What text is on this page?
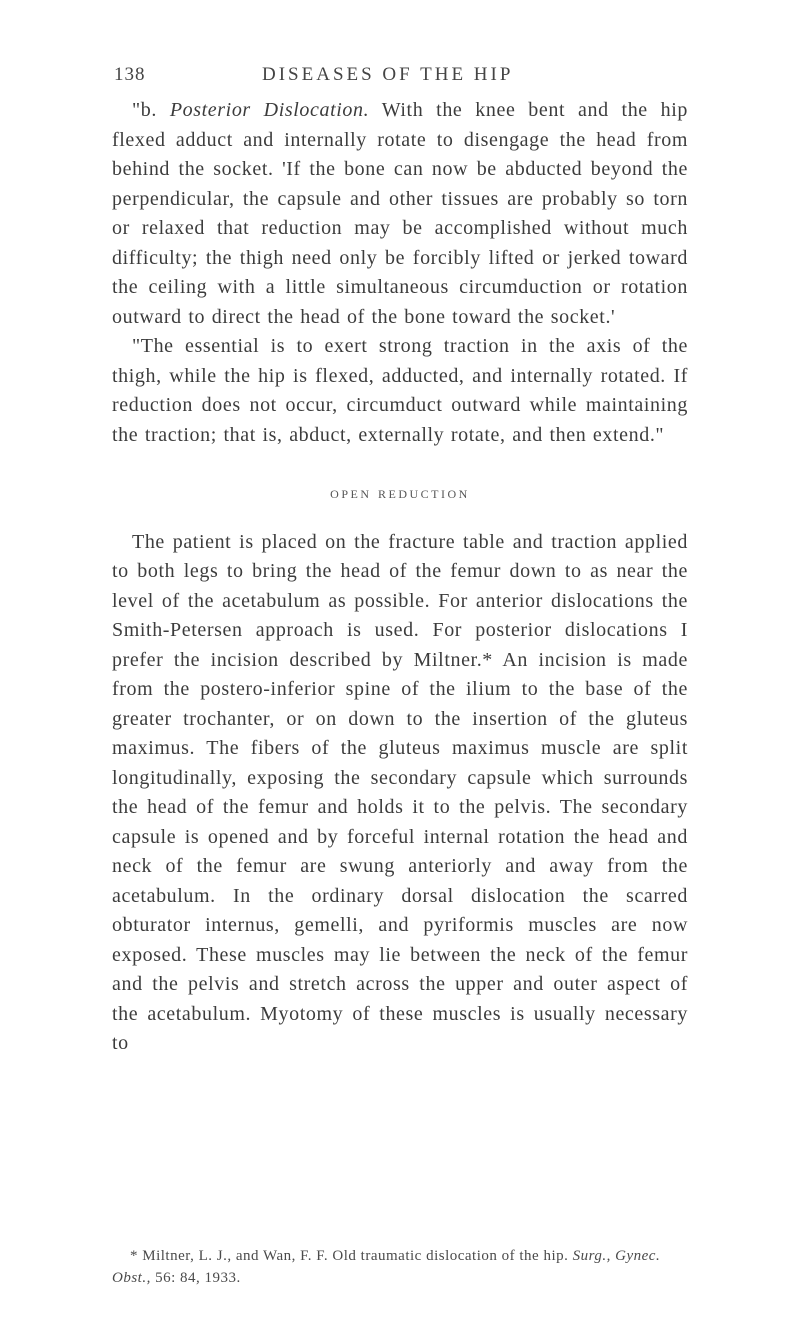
138	DISEASES OF THE HIP

"b. Posterior Dislocation. With the knee bent and the hip flexed adduct and internally rotate to disengage the head from behind the socket. 'If the bone can now be abducted beyond the perpendicular, the capsule and other tissues are probably so torn or relaxed that reduction may be accomplished without much difficulty; the thigh need only be forcibly lifted or jerked toward the ceiling with a little simultaneous circumduction or rotation outward to direct the head of the bone toward the socket.'

"The essential is to exert strong traction in the axis of the thigh, while the hip is flexed, adducted, and internally rotated. If reduction does not occur, circumduct outward while maintaining the traction; that is, abduct, externally rotate, and then extend."

OPEN REDUCTION

The patient is placed on the fracture table and traction applied to both legs to bring the head of the femur down to as near the level of the acetabulum as possible. For anterior dislocations the Smith-Petersen approach is used. For posterior dislocations I prefer the incision described by Miltner.* An incision is made from the postero-inferior spine of the ilium to the base of the greater trochanter, or on down to the insertion of the gluteus maximus. The fibers of the gluteus maximus muscle are split longitudinally, exposing the secondary capsule which surrounds the head of the femur and holds it to the pelvis. The secondary capsule is opened and by forceful internal rotation the head and neck of the femur are swung anteriorly and away from the acetabulum. In the ordinary dorsal dislocation the scarred obturator internus, gemelli, and pyriformis muscles are now exposed. These muscles may lie between the neck of the femur and the pelvis and stretch across the upper and outer aspect of the acetabulum. Myotomy of these muscles is usually necessary to

* Miltner, L. J., and Wan, F. F. Old traumatic dislocation of the hip. Surg., Gynec. Obst., 56: 84, 1933.
